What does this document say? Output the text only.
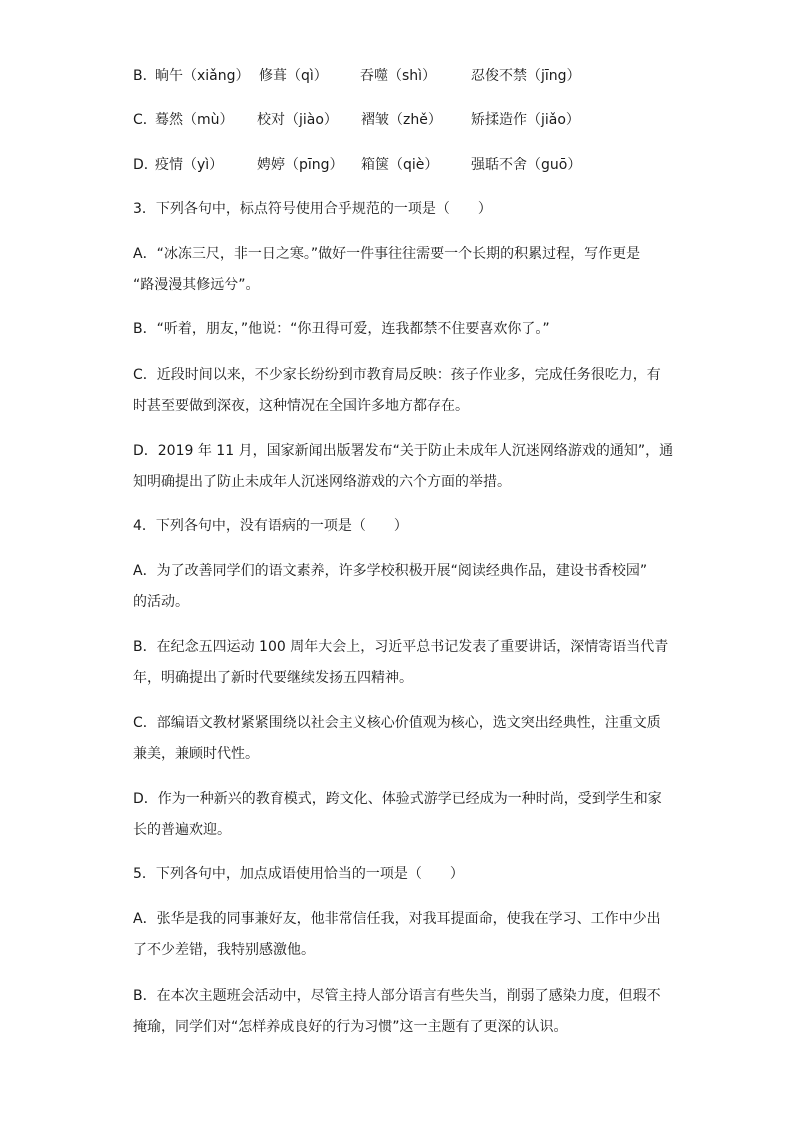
B．
晌午（xiǎng） 修葺（qì） 吞噬（shì） 忍俊不禁（jīng）
C．
蓦然（mù） 校对（jiào） 褶皱（zhě） 矫揉造作（jiǎo）
D．
疫情（yì） 娉婷（pīng） 箱箧（qiè） 强聒不舍（guō）
3．下列各句中，标点符号使用合乎规范的一项是（　　）
A．“冰冻三尺，非一日之寒。”做好一件事往往需要一个长期的积累过程，写作更是
“路漫漫其修远兮”。
B．“听着，朋友，”他说：“你丑得可爱，连我都禁不住要喜欢你了。”
C．近段时间以来，不少家长纷纷到市教育局反映：孩子作业多，完成任务很吃力，有
时甚至要做到深夜，这种情况在全国许多地方都存在。
D．2019 年 11 月，国家新闻出版署发布“关于防止未成年人沉迷网络游戏的通知”，通
知明确提出了防止未成年人沉迷网络游戏的六个方面的举措。
4．下列各句中，没有语病的一项是（　　）
A．为了改善同学们的语文素养，许多学校积极开展“阅读经典作品，建设书香校园”
的活动。
B．在纪念五四运动 100 周年大会上，习近平总书记发表了重要讲话，深情寄语当代青
年，明确提出了新时代要继续发扬五四精神。
C．部编语文教材紧紧围绕以社会主义核心价值观为核心，选文突出经典性，注重文质
兼美，兼顾时代性。
D．作为一种新兴的教育模式，跨文化、体验式游学已经成为一种时尚，受到学生和家
长的普遍欢迎。
5．下列各句中，加点成语使用恰当的一项是（　　）
A．张华是我的同事兼好友，他非常信任我，对我耳提面命，使我在学习、工作中少出
了不少差错，我特别感激他。
B．在本次主题班会活动中，尽管主持人部分语言有些失当，削弱了感染力度，但瑕不
掩瑜，同学们对“怎样养成良好的行为习惯”这一主题有了更深的认识。
